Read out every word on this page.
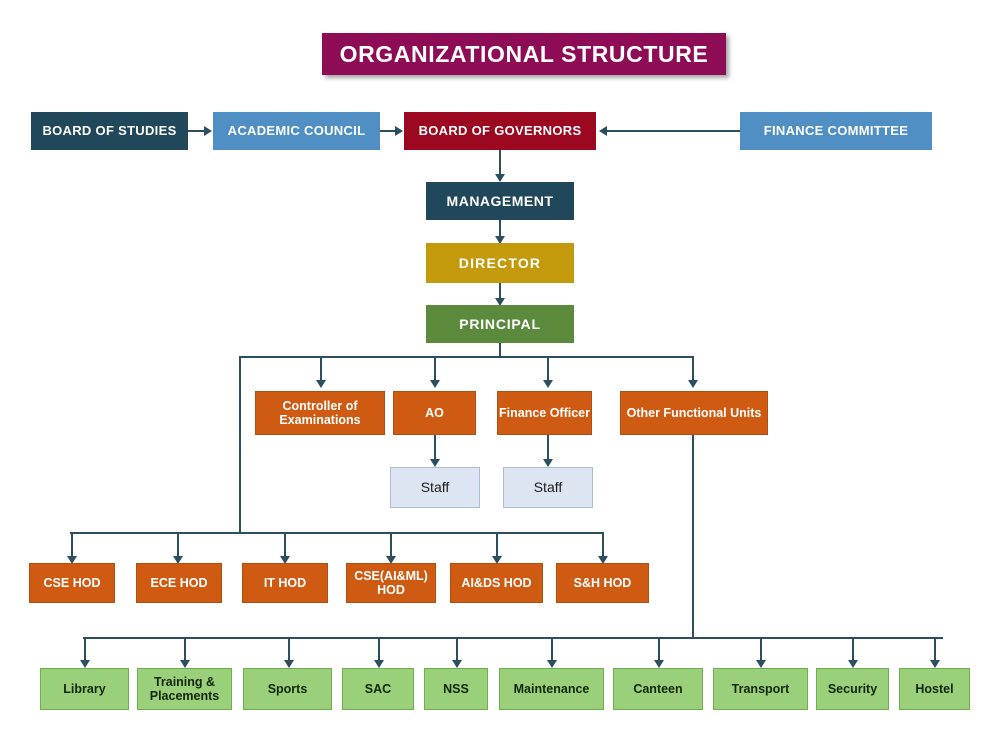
ORGANIZATIONAL STRUCTURE
BOARD OF STUDIES	ACADEMIC COUNCIL	BOARD OF GOVERNORS	FINANCE COMMITTEE
MANAGEMENT
DIRECTOR
PRINCIPAL
Controller of Examinations
AO	Finance Officer	Other Functional Units
Staff	Staff
CSE HOD	ECE HOD	IT HOD
CSE(AI&ML) HOD
AI&DS HOD	S&H HOD
Library
Training & Placements
Sports	SAC	NSS	Maintenance	Canteen	Transport	Security	Hostel
